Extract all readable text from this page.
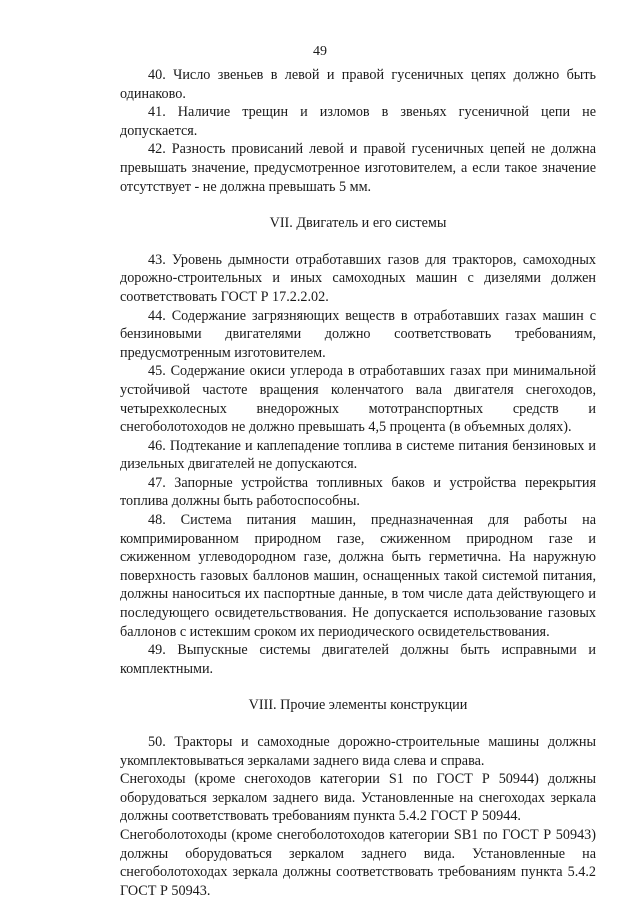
49

40. Число звеньев в левой и правой гусеничных цепях должно быть одинаково.

41. Наличие трещин и изломов в звеньях гусеничной цепи не допускается.

42. Разность провисаний левой и правой гусеничных цепей не должна превышать значение, предусмотренное изготовителем, а если такое значение отсутствует - не должна превышать 5 мм.

VII. Двигатель и его системы

43. Уровень дымности отработавших газов для тракторов, самоходных дорожно-строительных и иных самоходных машин с дизелями должен соответствовать ГОСТ Р 17.2.2.02.

44. Содержание загрязняющих веществ в отработавших газах машин с бензиновыми двигателями должно соответствовать требованиям, предусмотренным изготовителем.

45. Содержание окиси углерода в отработавших газах при минимальной устойчивой частоте вращения коленчатого вала двигателя снегоходов, четырехколесных внедорожных мототранспортных средств и снегоболотоходов не должно превышать 4,5 процента (в объемных долях).

46. Подтекание и каплепадение топлива в системе питания бензиновых и дизельных двигателей не допускаются.

47. Запорные устройства топливных баков и устройства перекрытия топлива должны быть работоспособны.

48. Система питания машин, предназначенная для работы на компримированном природном газе, сжиженном природном газе и сжиженном углеводородном газе, должна быть герметична. На наружную поверхность газовых баллонов машин, оснащенных такой системой питания, должны наноситься их паспортные данные, в том числе дата действующего и последующего освидетельствования. Не допускается использование газовых баллонов с истекшим сроком их периодического освидетельствования.

49. Выпускные системы двигателей должны быть исправными и комплектными.

VIII. Прочие элементы конструкции

50. Тракторы и самоходные дорожно-строительные машины должны укомплектовываться зеркалами заднего вида слева и справа.

Снегоходы (кроме снегоходов категории S1 по ГОСТ Р 50944) должны оборудоваться зеркалом заднего вида. Установленные на снегоходах зеркала должны соответствовать требованиям пункта 5.4.2 ГОСТ Р 50944.

Снегоболотоходы (кроме снегоболотоходов категории SB1 по ГОСТ Р 50943) должны оборудоваться зеркалом заднего вида. Установленные на снегоболотоходах зеркала должны соответствовать требованиям пункта 5.4.2 ГОСТ Р 50943.
